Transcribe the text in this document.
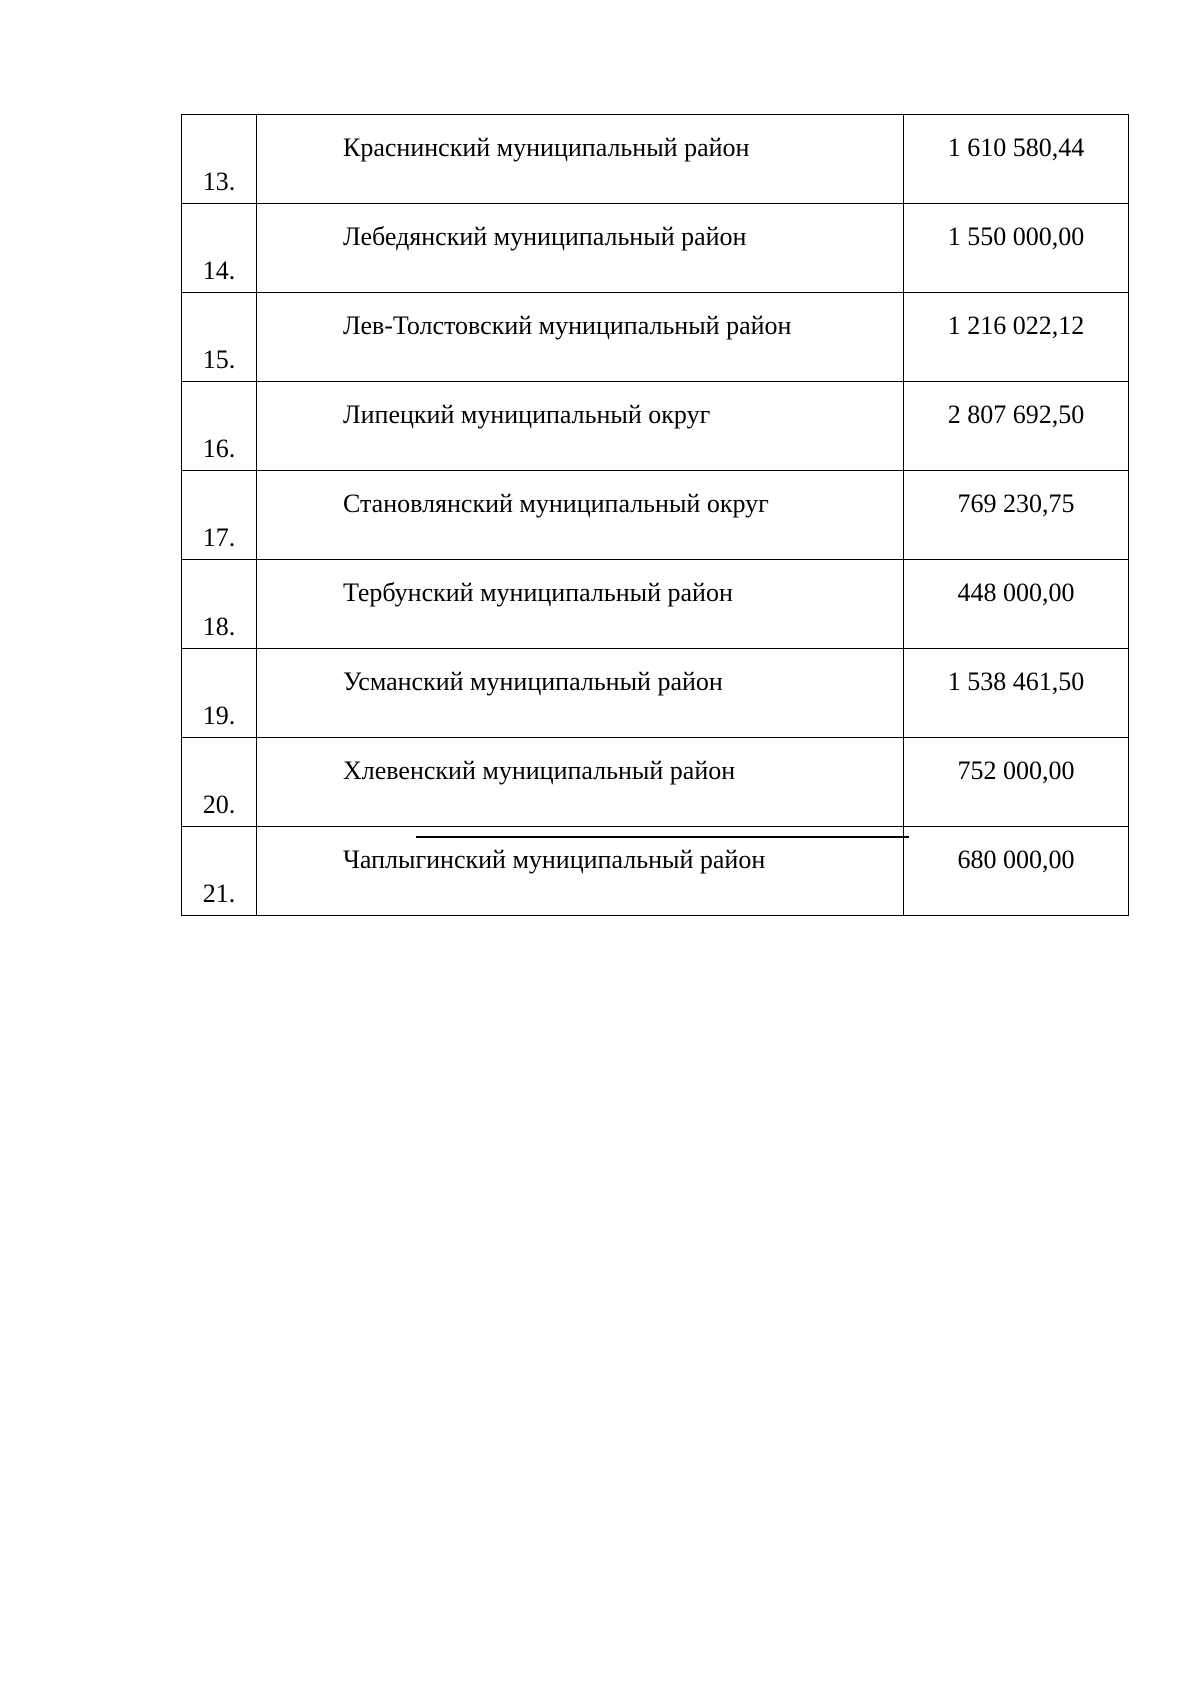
13.	Краснинский муниципальный район	1 610 580,44
14.	Лебедянский муниципальный район	1 550 000,00
15.	Лев-Толстовский муниципальный район	1 216 022,12
16.	Липецкий муниципальный округ	2 807 692,50
17.	Становлянский муниципальный округ	769 230,75
18.	Тербунский муниципальный район	448 000,00
19.	Усманский муниципальный район	1 538 461,50
20.	Хлевенский муниципальный район	752 000,00
21.	Чаплыгинский муниципальный район	680 000,00
